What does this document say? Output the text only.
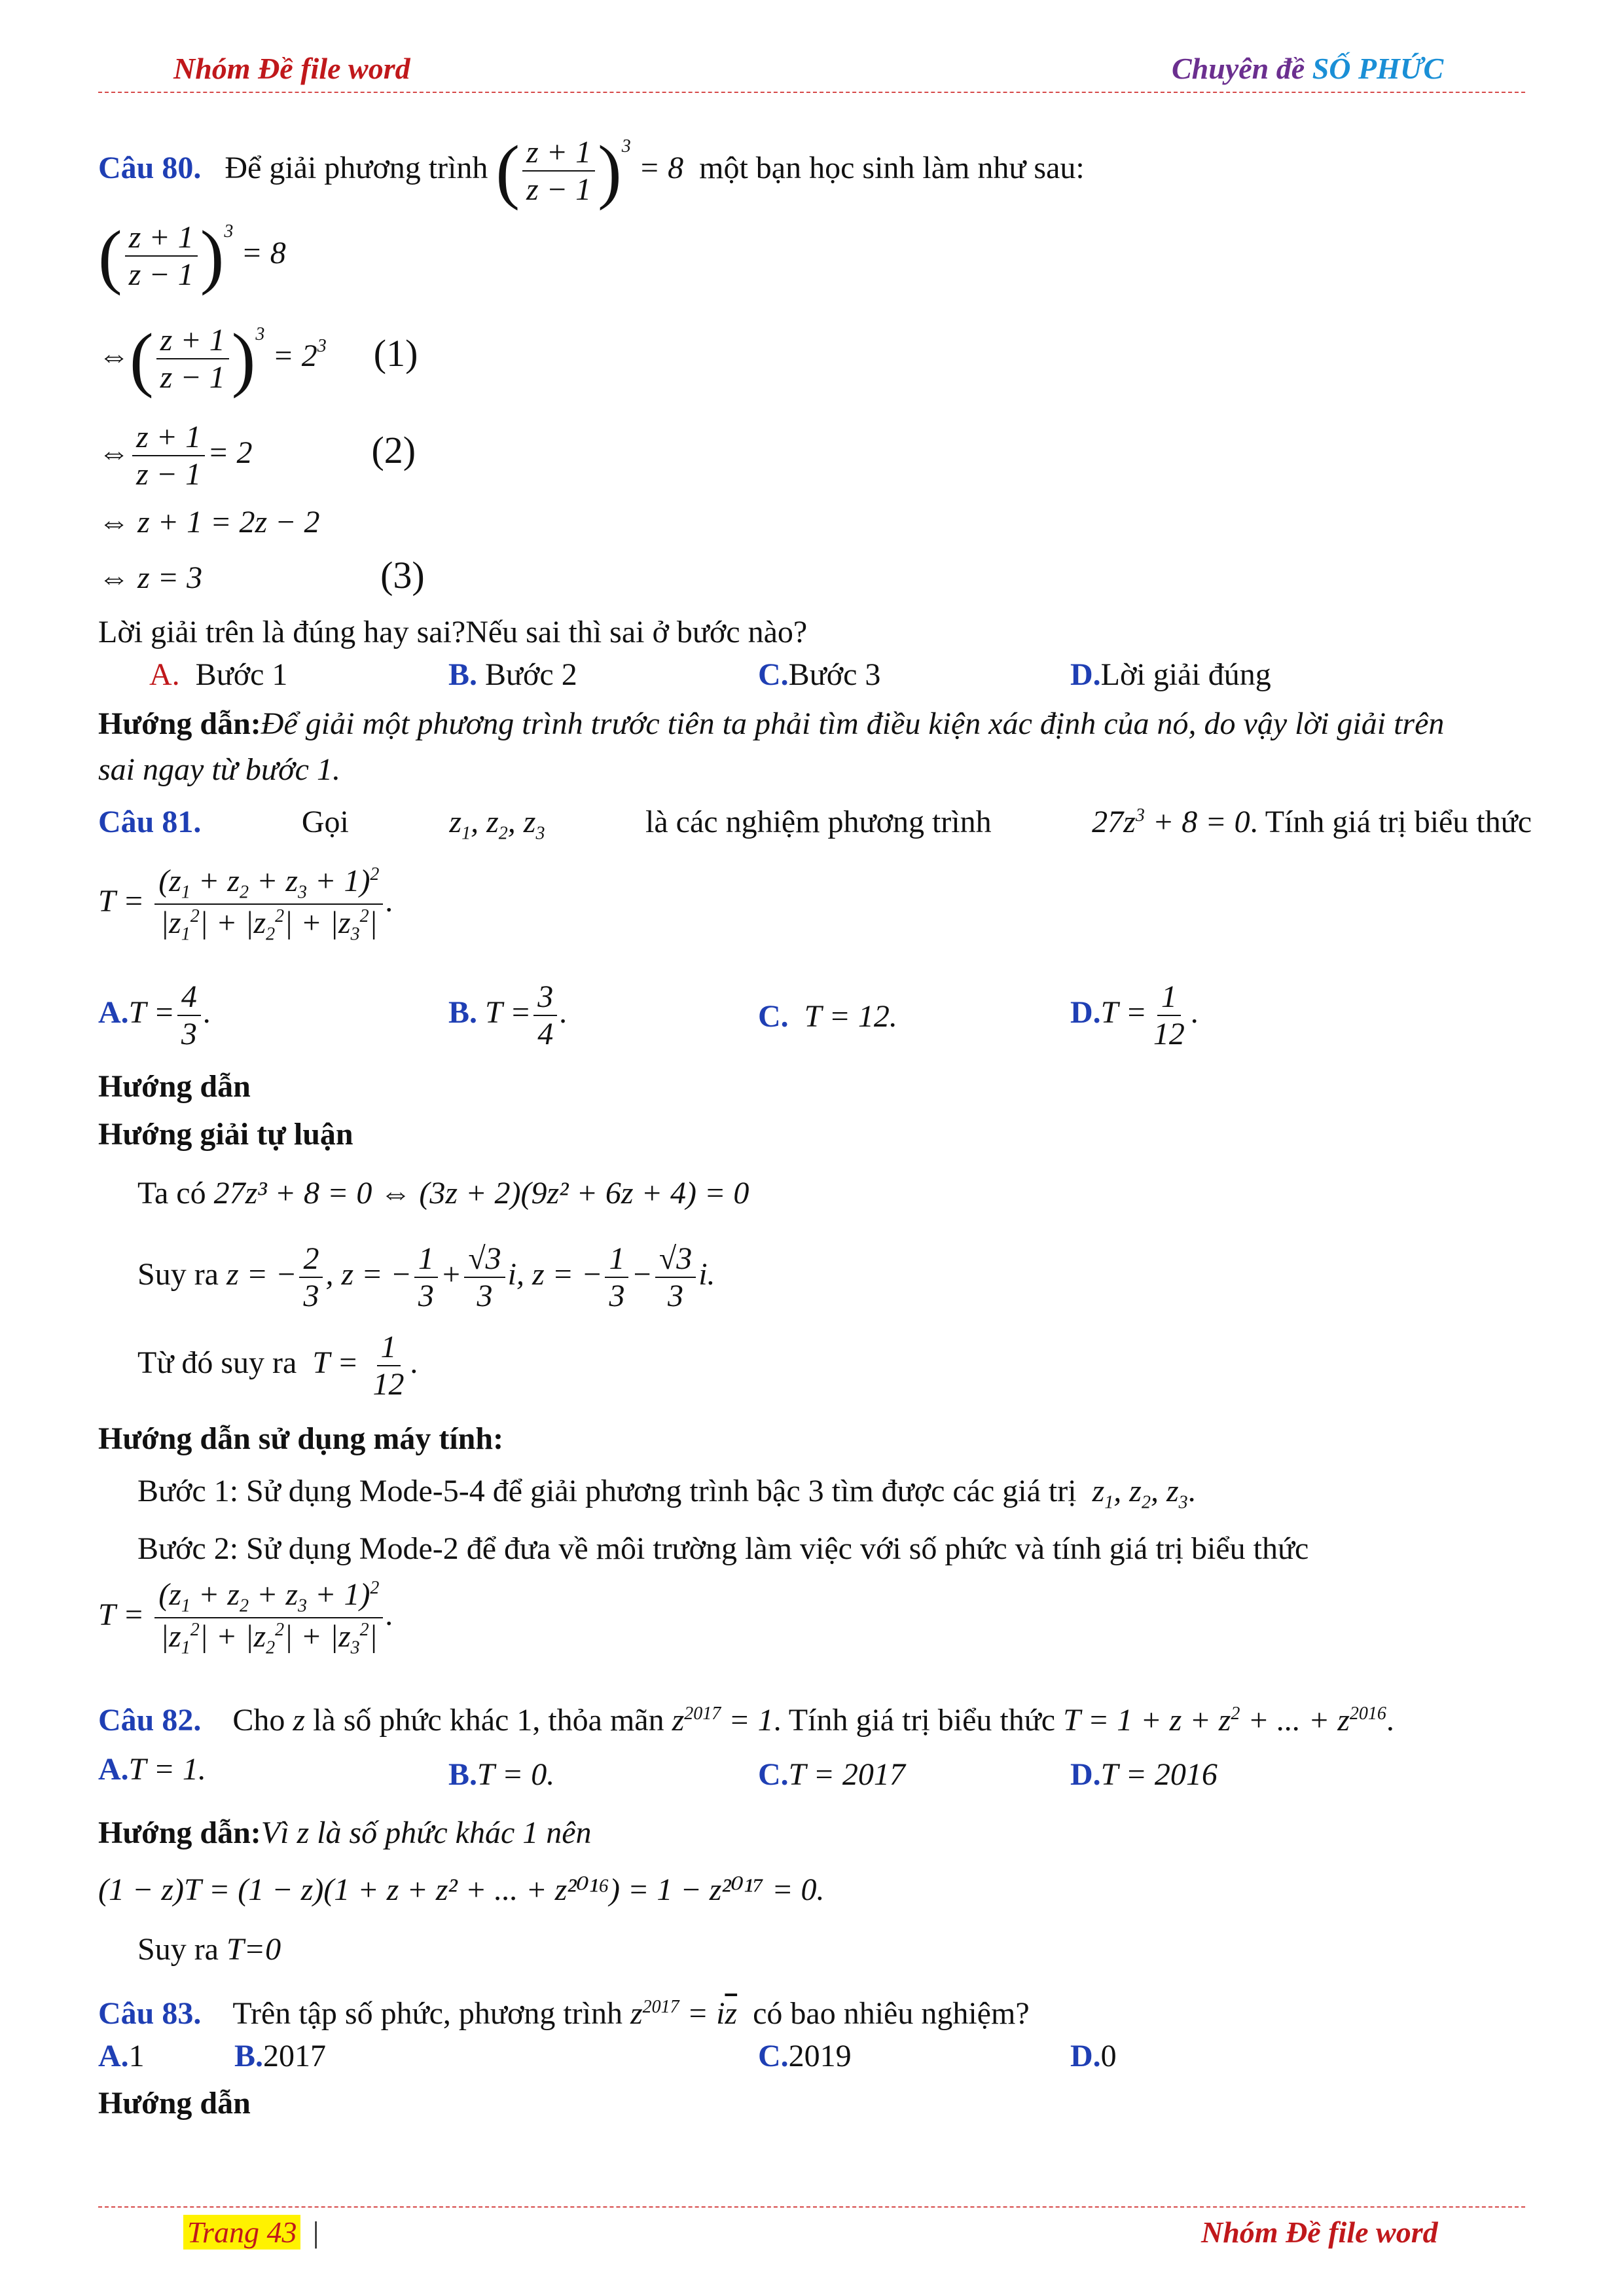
Nhóm Đề file word	Chuyên đề SỐ PHỨC
Câu 80. Để giải phương trình ( $\frac{z + 1}{z - 1} )^3 = 8$ một bạn học sinh làm như sau:
( $\frac{z + 1}{z - 1} )^3 = 8$
⇔( $\frac{z + 1}{z - 1} )^3 = 2^3$ (1)
⇔ $\frac{z + 1}{z - 1} = 2$	(2)
⇔ z + 1 = 2z − 2
⇔ z = 3	(3)
Lời giải trên là đúng hay sai?Nếu sai thì sai ở bước nào?
A. Bước 1	B. Bước 2	C.Bước 3	D.Lời giải đúng
Hướng dẫn:Để giải một phương trình trước tiên ta phải tìm điều kiện xác định của nó, do vậy lời giải trên
sai ngay từ bước 1.
Câu 81.	Gọi	$z_1$, $z_2$, $z_3$	là các nghiệm phương trình	$27z^3 + 8 = 0$. Tính giá trị biểu thức
$T = \frac{(z_1 + z_2 + z_3 + 1)^2}{|z_1^2| + |z_2^2| + |z_3^2|}$ .
$A.T = \frac{4}{3}$ .	B. $T = \frac{3}{4}$ .	C. T = 12.	$D.T = \frac{1}{12}$ .
Hướng dẫn
Hướng giải tự luận
Ta có 27z³ + 8 = 0 ⇔ (3z + 2)(9z² + 6z + 4) = 0
Suy ra z = − $\frac{2}{3}$ , z = − $\frac{1}{3} + \frac{√3}{3} i$, z = − $\frac{1}{3} - \frac{√3}{3} i$.
Từ đó suy ra $T = \frac{1}{12}$ .
Hướng dẫn sử dụng máy tính:
Bước 1: Sử dụng Mode-5-4 để giải phương trình bậc 3 tìm được các giá trị $z_1$, $z_2$, $z_3$.
Bước 2: Sử dụng Mode-2 để đưa về môi trường làm việc với số phức và tính giá trị biểu thức
$T = \frac{(z_1 + z_2 + z_3 + 1)^2}{|z_1^2| + |z_2^2| + |z_3^2|}$ .
Câu 82. Cho z là số phức khác 1, thỏa mãn $z^{2017} = 1$. Tính giá trị biểu thức $T = 1 + z + z^2$ + ... + $z^{2016}$.
A.T = 1.	B.T = 0.	C.T = 2017	D.T = 2016
Hướng dẫn:Vì z là số phức khác 1 nên
(1 − z)T = (1 − z)(1 + z + z² + ... + z²⁰¹⁶) = 1 − z²⁰¹⁷ = 0.
Suy ra T=0
Câu 83. Trên tập số phức, phương trình $z^{2017} = i\overline{z}$ có bao nhiêu nghiệm?
A.1	B.2017	C.2019	D.0
Hướng dẫn
Trang 43 |	Nhóm Đề file word
